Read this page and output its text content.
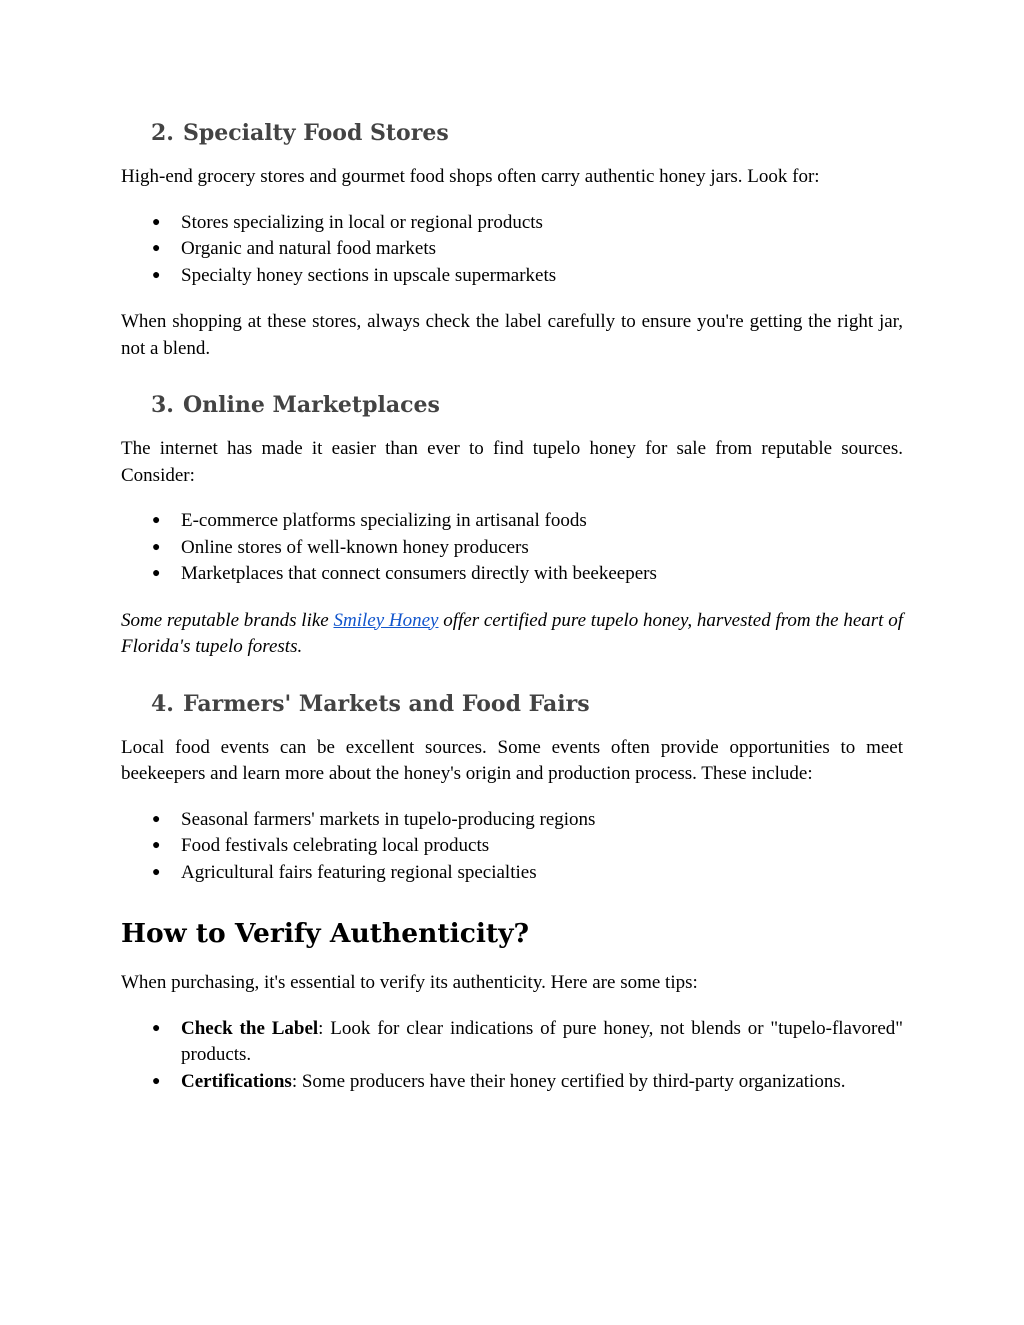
2. Specialty Food Stores

High-end grocery stores and gourmet food shops often carry authentic honey jars. Look for:

● Stores specializing in local or regional products
● Organic and natural food markets
● Specialty honey sections in upscale supermarkets

When shopping at these stores, always check the label carefully to ensure you're getting the right jar, not a blend.

3. Online Marketplaces

The internet has made it easier than ever to find tupelo honey for sale from reputable sources. Consider:

● E-commerce platforms specializing in artisanal foods
● Online stores of well-known honey producers
● Marketplaces that connect consumers directly with beekeepers

Some reputable brands like Smiley Honey offer certified pure tupelo honey, harvested from the heart of Florida's tupelo forests.

4. Farmers' Markets and Food Fairs

Local food events can be excellent sources. Some events often provide opportunities to meet beekeepers and learn more about the honey's origin and production process. These include:

● Seasonal farmers' markets in tupelo-producing regions
● Food festivals celebrating local products
● Agricultural fairs featuring regional specialties
How to Verify Authenticity?

When purchasing, it's essential to verify its authenticity. Here are some tips:

● Check the Label: Look for clear indications of pure honey, not blends or "tupelo-flavored" products.
● Certifications: Some producers have their honey certified by third-party organizations.
